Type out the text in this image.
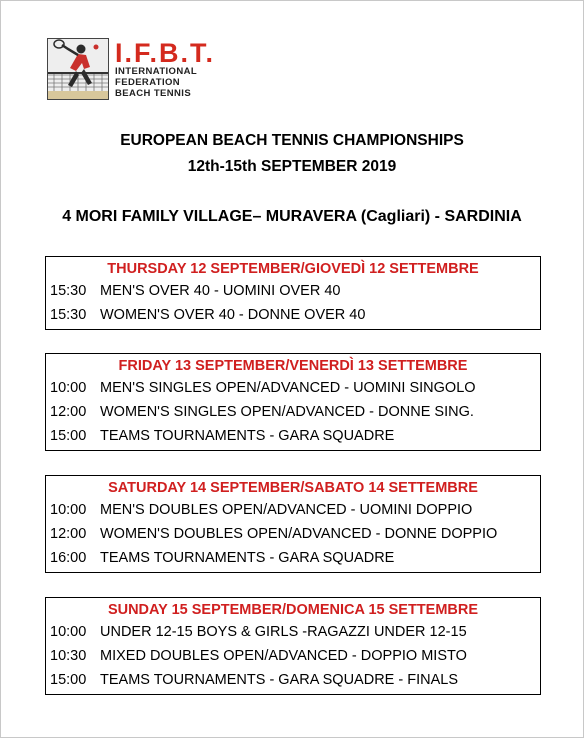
I.F.B.T.
INTERNATIONAL
FEDERATION
BEACH TENNIS
EUROPEAN BEACH TENNIS CHAMPIONSHIPS
12th-15th SEPTEMBER 2019
4 MORI FAMILY VILLAGE– MURAVERA (Cagliari) - SARDINIA
THURSDAY 12 SEPTEMBER/GIOVEDÌ 12 SETTEMBRE
15:30 MEN'S OVER 40 - UOMINI OVER 40
15:30 WOMEN'S OVER 40 - DONNE OVER 40
FRIDAY 13 SEPTEMBER/VENERDÌ 13 SETTEMBRE
10:00 MEN'S SINGLES OPEN/ADVANCED - UOMINI SINGOLO
12:00 WOMEN'S SINGLES OPEN/ADVANCED - DONNE SING.
15:00 TEAMS TOURNAMENTS - GARA SQUADRE
SATURDAY 14 SEPTEMBER/SABATO 14 SETTEMBRE
10:00 MEN'S DOUBLES OPEN/ADVANCED - UOMINI DOPPIO
12:00 WOMEN'S DOUBLES OPEN/ADVANCED - DONNE DOPPIO
16:00 TEAMS TOURNAMENTS - GARA SQUADRE
SUNDAY 15 SEPTEMBER/DOMENICA 15 SETTEMBRE
10:00 UNDER 12-15 BOYS & GIRLS -RAGAZZI UNDER 12-15
10:30 MIXED DOUBLES OPEN/ADVANCED - DOPPIO MISTO
15:00 TEAMS TOURNAMENTS - GARA SQUADRE - FINALS
